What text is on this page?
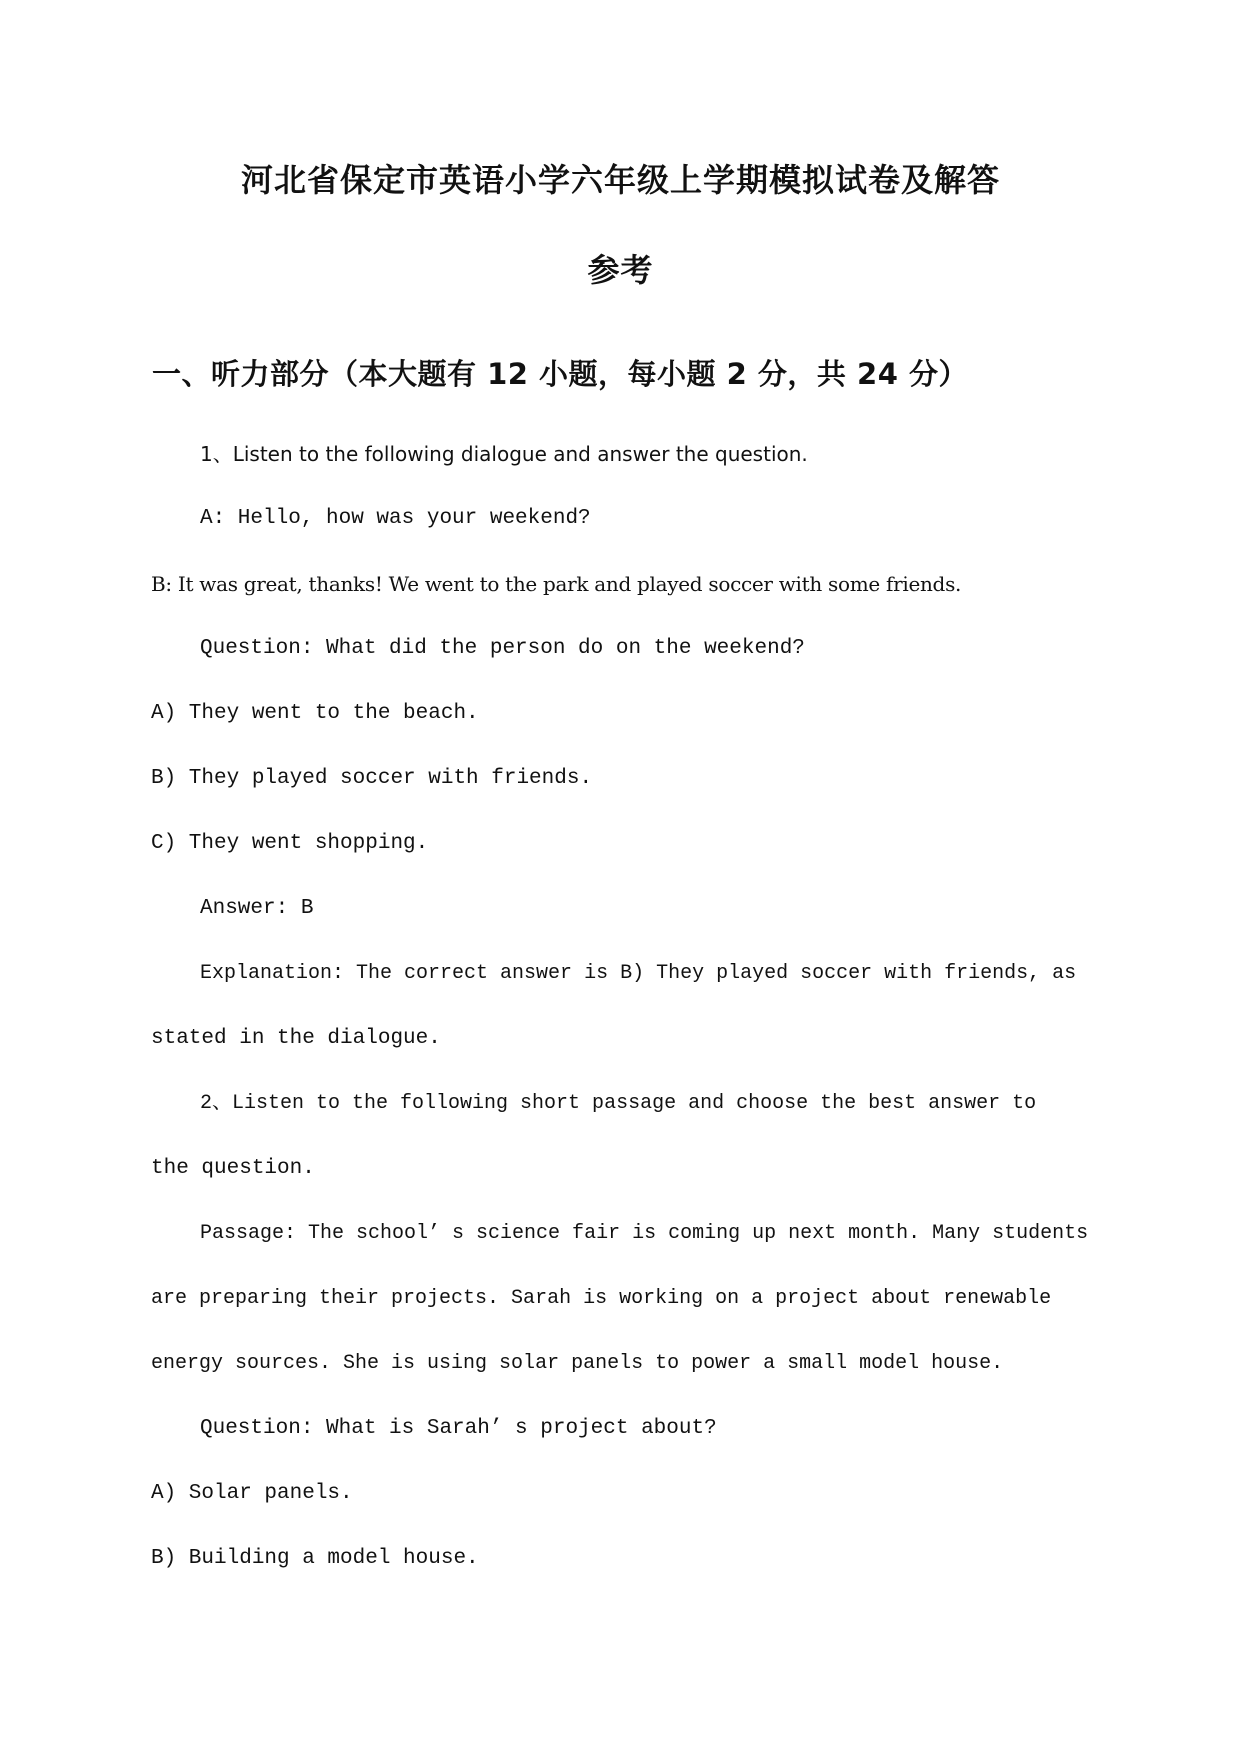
河北省保定市英语小学六年级上学期模拟试卷及解答
参考
一、听力部分（本大题有 12 小题，每小题 2 分，共 24 分）

1、Listen to the following dialogue and answer the question.

A: Hello, how was your weekend?

B: It was great, thanks! We went to the park and played soccer with some friends.

Question: What did the person do on the weekend?

A) They went to the beach.

B) They played soccer with friends.

C) They went shopping.

Answer: B

Explanation: The correct answer is B) They played soccer with friends, as

stated in the dialogue.

2、Listen to the following short passage and choose the best answer to

the question.

Passage: The school’ s science fair is coming up next month. Many students

are preparing their projects. Sarah is working on a project about renewable

energy sources. She is using solar panels to power a small model house.

Question: What is Sarah’ s project about?

A) Solar panels.

B) Building a model house.
